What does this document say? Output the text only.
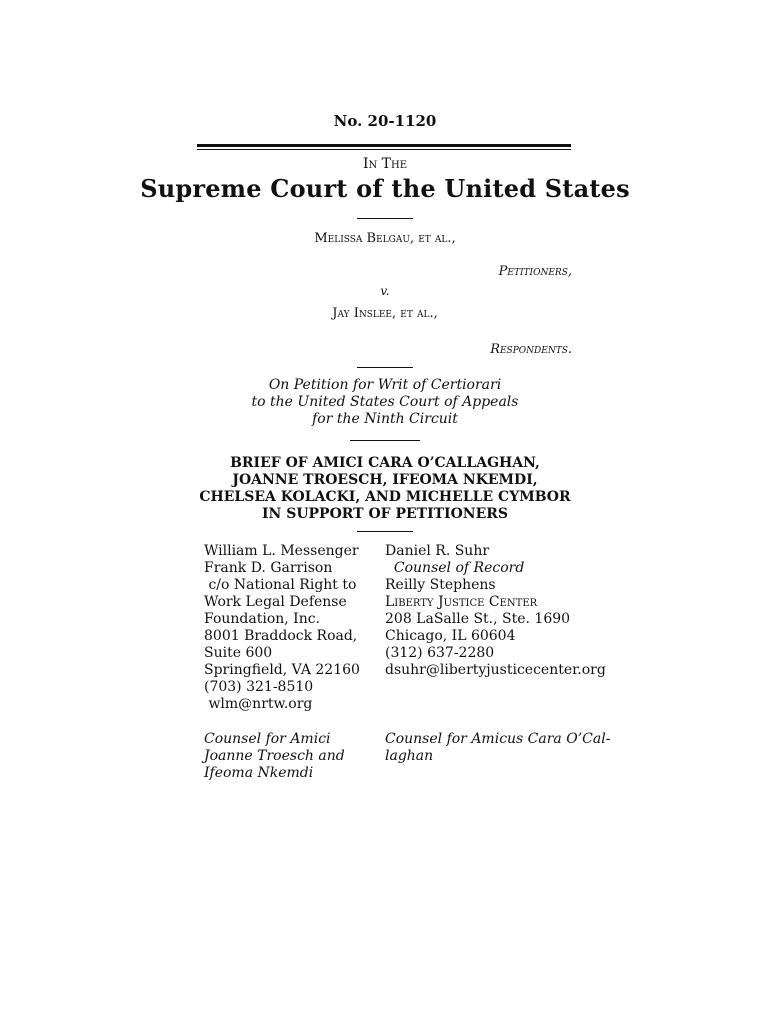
No. 20-1120
In The
Supreme Court of the United States
Melissa Belgau, et al.,
Petitioners,
v.
Jay Inslee, et al.,
Respondents.
On Petition for Writ of Certiorari
to the United States Court of Appeals
for the Ninth Circuit
BRIEF OF AMICI CARA O’CALLAGHAN,
JOANNE TROESCH, IFEOMA NKEMDI,
CHELSEA KOLACKI, AND MICHELLE CYMBOR
IN SUPPORT OF PETITIONERS
William L. Messenger
Frank D. Garrison
c/o National Right to
Work Legal Defense
Foundation, Inc.
8001 Braddock Road,
Suite 600
Springfield, VA 22160
(703) 321-8510
wlm@nrtw.org
Daniel R. Suhr
Counsel of Record
Reilly Stephens
Liberty Justice Center
208 LaSalle St., Ste. 1690
Chicago, IL 60604
(312) 637-2280
dsuhr@libertyjusticecenter.org
Counsel for Amici
Joanne Troesch and
Ifeoma Nkemdi
Counsel for Amicus Cara O’Cal-
laghan
